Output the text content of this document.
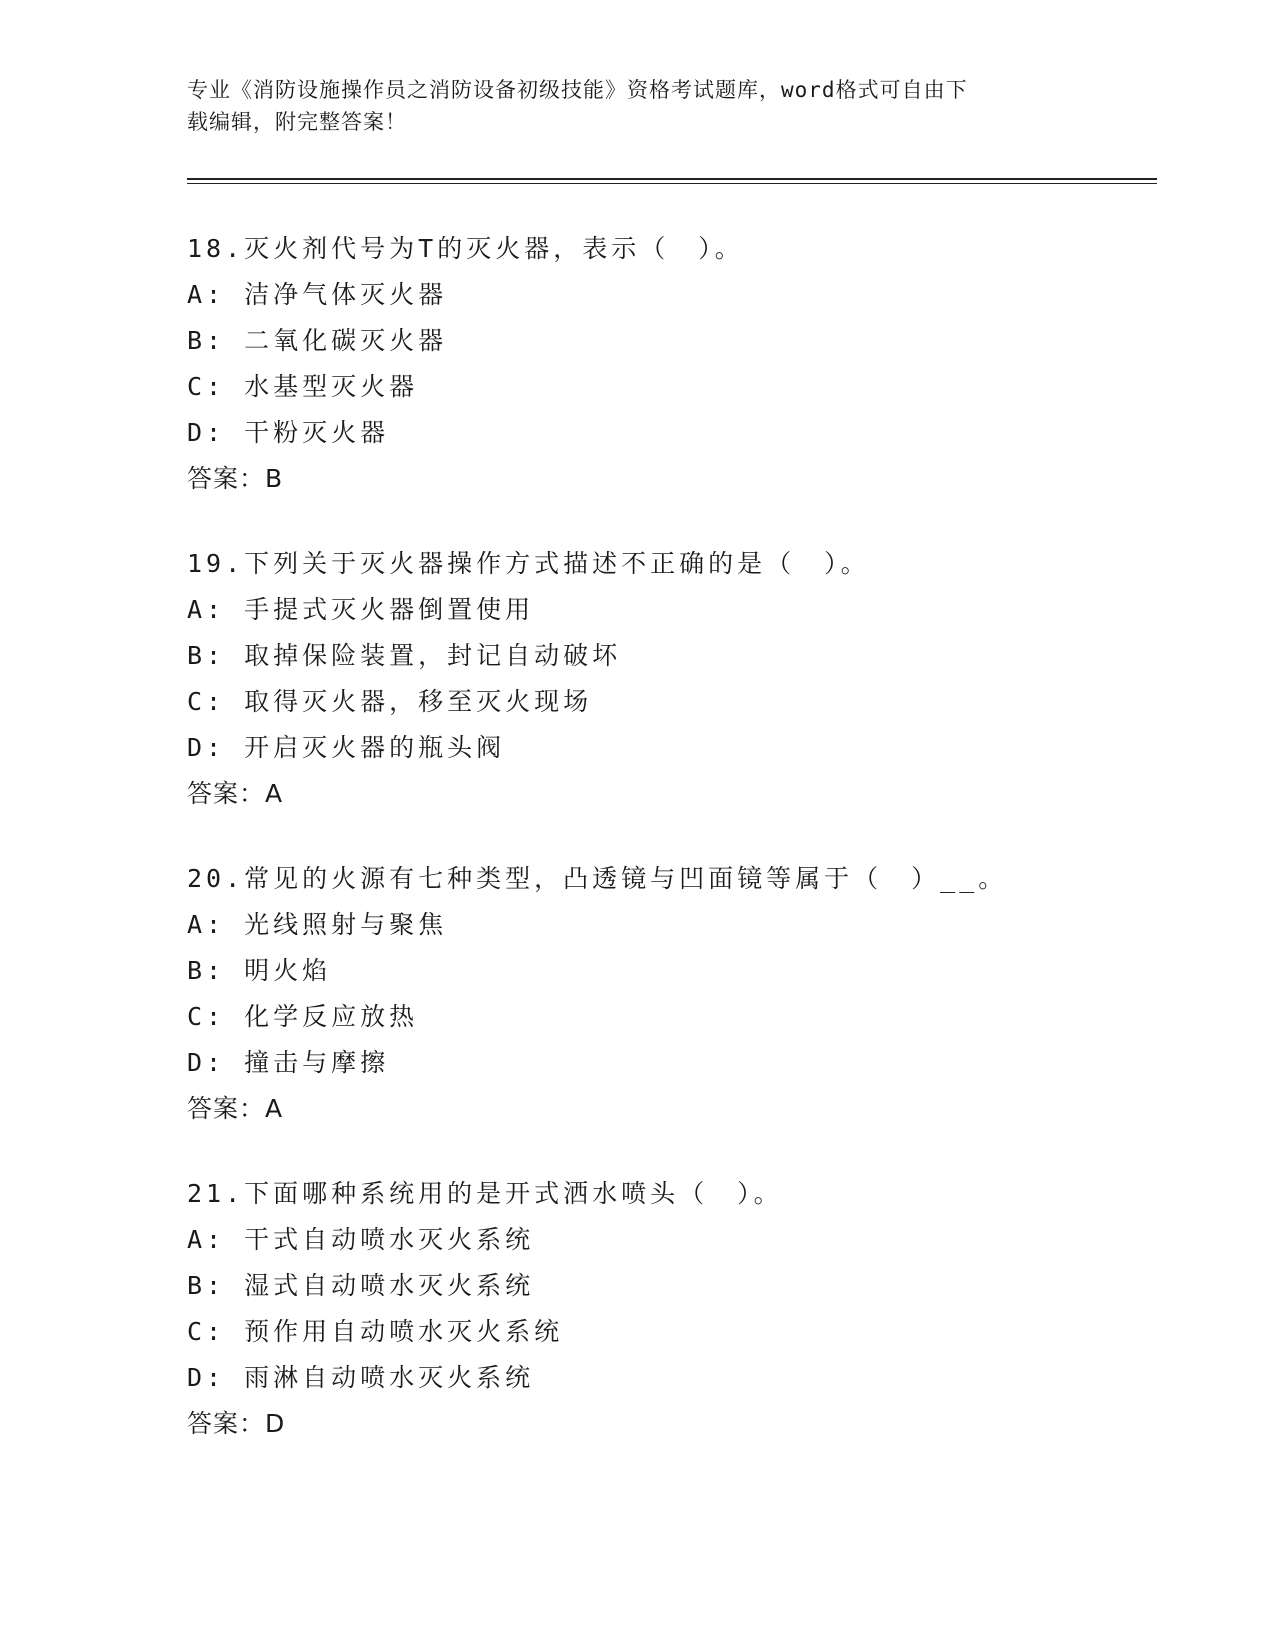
专业《消防设施操作员之消防设备初级技能》资格考试题库，word格式可自由下
载编辑，附完整答案！
18.灭火剂代号为T的灭火器，表示（　）。
A: 洁净气体灭火器
B: 二氧化碳灭火器
C: 水基型灭火器
D: 干粉灭火器
答案：B
19.下列关于灭火器操作方式描述不正确的是（　）。
A: 手提式灭火器倒置使用
B: 取掉保险装置，封记自动破坏
C: 取得灭火器，移至灭火现场
D: 开启灭火器的瓶头阀
答案：A
20.常见的火源有七种类型，凸透镜与凹面镜等属于（　）__。
A: 光线照射与聚焦
B: 明火焰
C: 化学反应放热
D: 撞击与摩擦
答案：A
21.下面哪种系统用的是开式洒水喷头（　）。
A: 干式自动喷水灭火系统
B: 湿式自动喷水灭火系统
C: 预作用自动喷水灭火系统
D: 雨淋自动喷水灭火系统
答案：D
